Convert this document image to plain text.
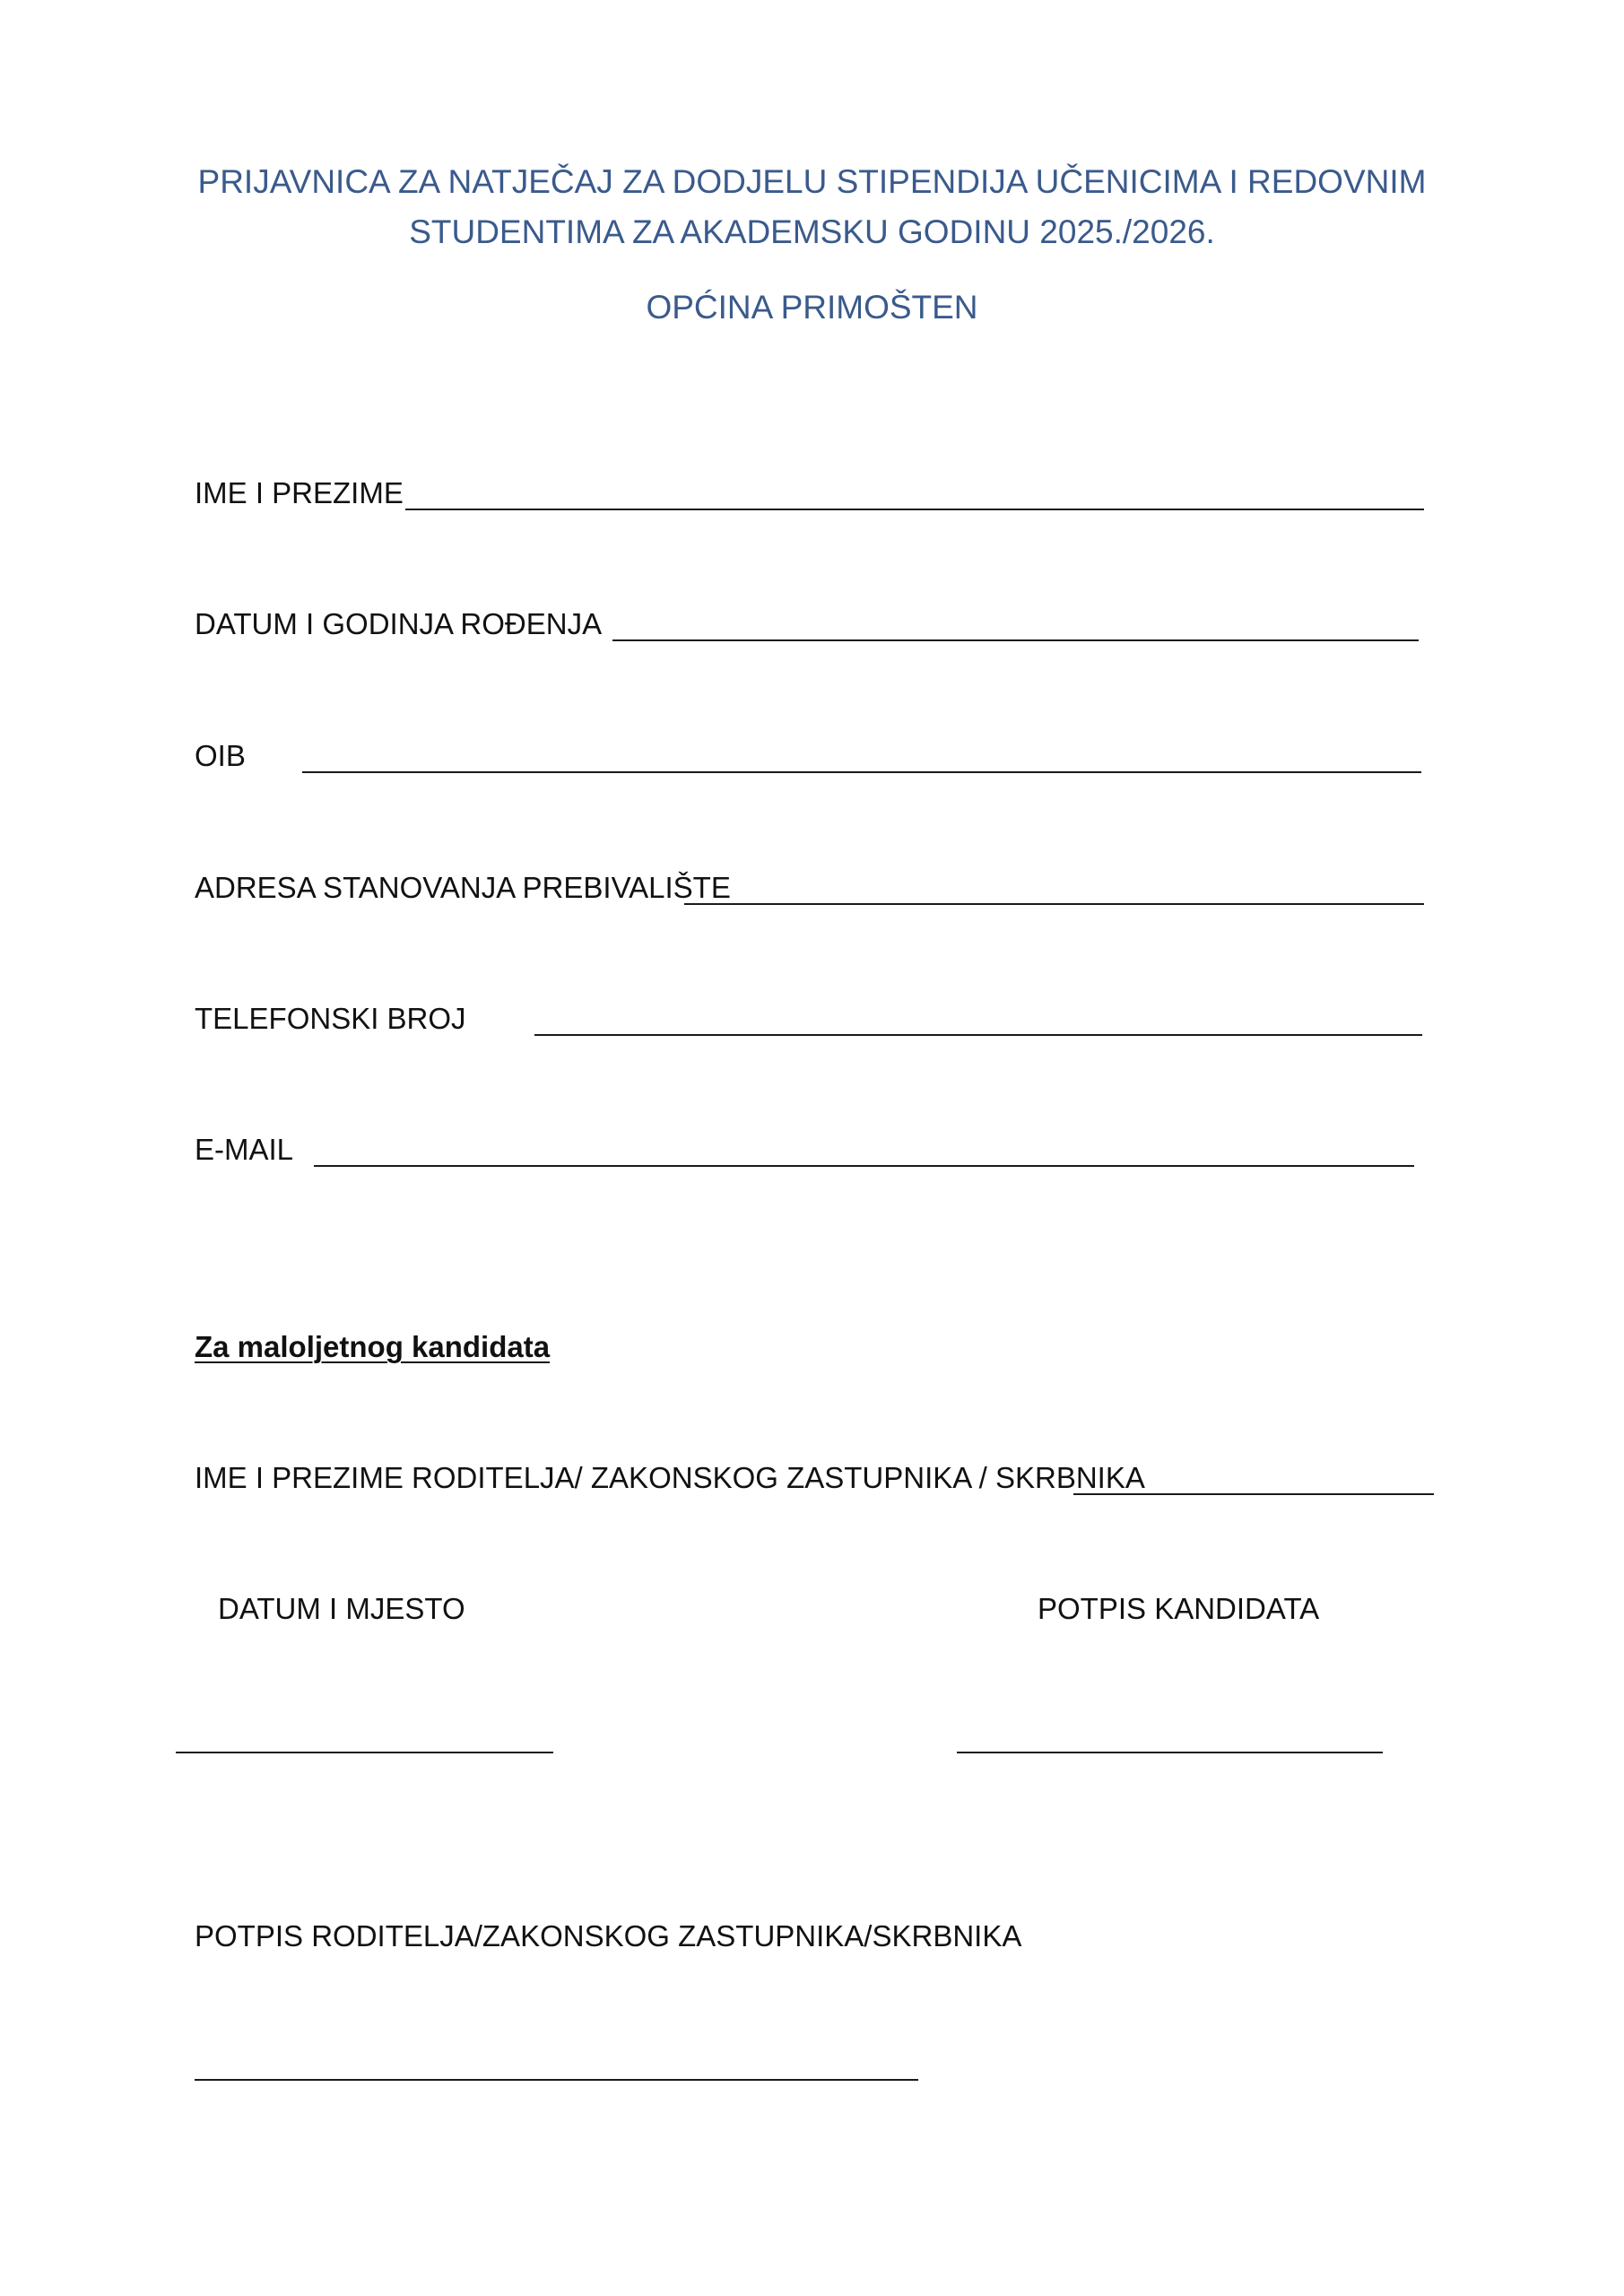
PRIJAVNICA ZA NATJEČAJ ZA DODJELU STIPENDIJA UČENICIMA I REDOVNIM
STUDENTIMA ZA AKADEMSKU GODINU 2025./2026.
OPĆINA PRIMOŠTEN
IME I PREZIME
DATUM I GODINJA ROĐENJA
OIB
ADRESA STANOVANJA PREBIVALIŠTE
TELEFONSKI BROJ
E-MAIL
Za maloljetnog kandidata
IME I PREZIME RODITELJA/ ZAKONSKOG ZASTUPNIKA / SKRBNIKA
DATUM I MJESTO	POTPIS KANDIDATA
POTPIS RODITELJA/ZAKONSKOG ZASTUPNIKA/SKRBNIKA
